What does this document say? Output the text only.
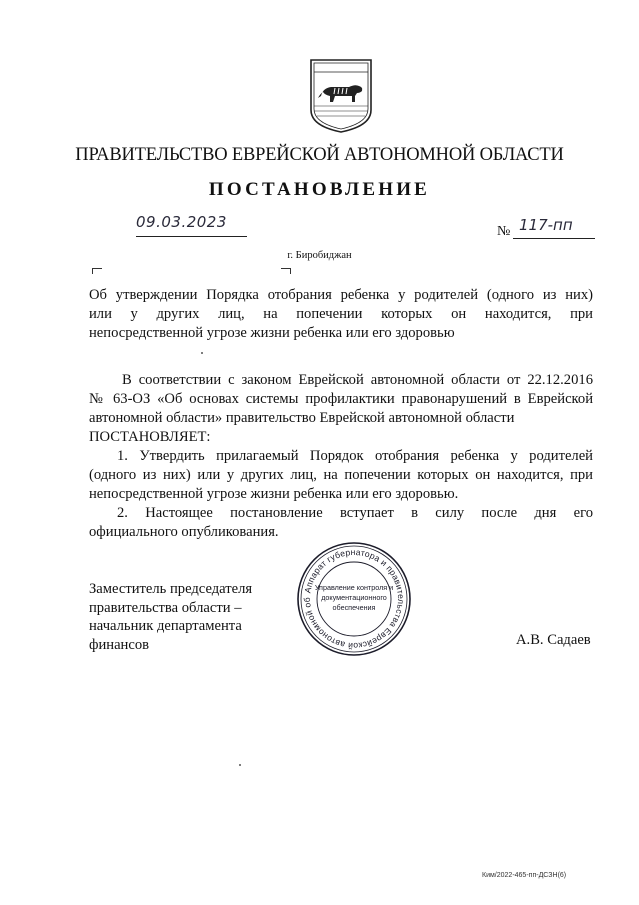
ПРАВИТЕЛЬСТВО ЕВРЕЙСКОЙ АВТОНОМНОЙ ОБЛАСТИ
ПОСТАНОВЛЕНИЕ
09.03.2023
№ 117-пп
г. Биробиджан
Об утверждении Порядка отобрания ребенка у родителей (одного из них)
или у других лиц, на попечении которых он находится, при
непосредственной угрозе жизни ребенка или его здоровью

В соответствии с законом Еврейской автономной области от 22.12.2016
№ 63-ОЗ «Об основах системы профилактики правонарушений в Еврейской
автономной области» правительство Еврейской автономной области
ПОСТАНОВЛЯЕТ:
1. Утвердить прилагаемый Порядок отобрания ребенка у родителей
(одного из них) или у других лиц, на попечении которых он находится, при
непосредственной угрозе жизни ребенка или его здоровью.
2. Настоящее постановление вступает в силу после дня его
официального опубликования.

Заместитель председателя
правительства области –
начальник департамента
финансов
Аппарат губернатора и правительства Еврейской автономной об
Управление контроля и
документационного
обеспечения
А.В. Садаев
Ким/2022-465-пп-ДСЗН(6)
